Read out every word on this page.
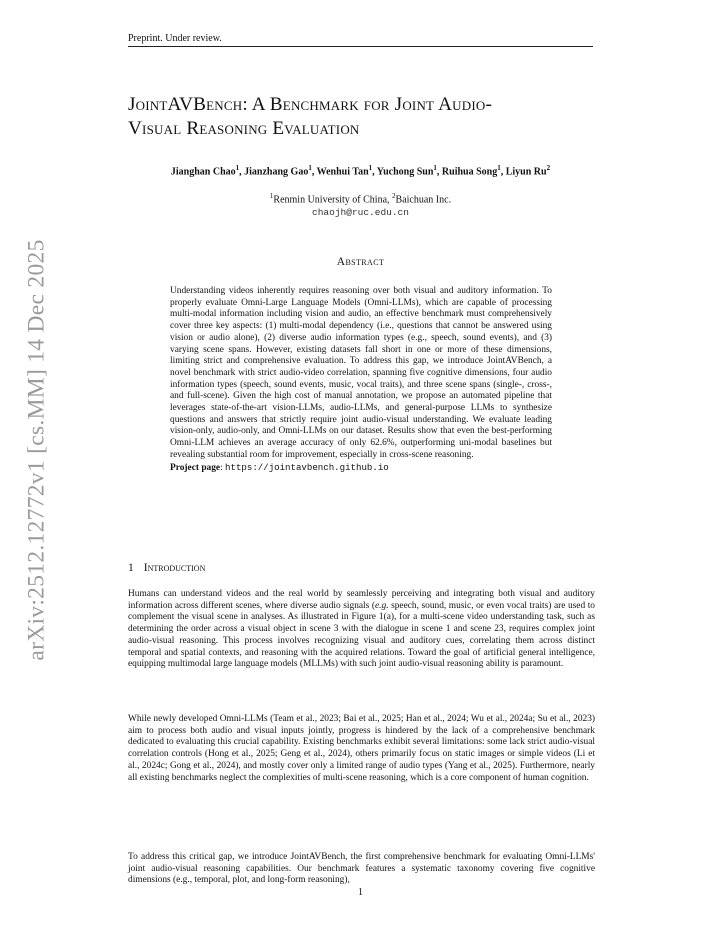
Preprint. Under review.
JointAVBench: A Benchmark for Joint Audio-
Visual Reasoning Evaluation
Jianghan Chao$^1$, Jianzhang Gao$^1$, Wenhui Tan$^1$, Yuchong Sun$^1$, Ruihua Song$^1$, Liyun Ru$^2$
$^1$Renmin University of China, $^2$Baichuan Inc.
chaojh@ruc.edu.cn
Abstract
Understanding videos inherently requires reasoning over both visual and auditory information. To properly evaluate Omni-Large Language Models (Omni-LLMs), which are capable of processing multi-modal information including vision and audio, an effective benchmark must comprehensively cover three key aspects: (1) multi-modal dependency (i.e., questions that cannot be answered using vision or audio alone), (2) diverse audio information types (e.g., speech, sound events), and (3) varying scene spans. However, existing datasets fall short in one or more of these dimensions, limiting strict and comprehensive evaluation. To address this gap, we introduce JointAVBench, a novel benchmark with strict audio-video correlation, spanning five cognitive dimensions, four audio information types (speech, sound events, music, vocal traits), and three scene spans (single-, cross-, and full-scene). Given the high cost of manual annotation, we propose an automated pipeline that leverages state-of-the-art vision-LLMs, audio-LLMs, and general-purpose LLMs to synthesize questions and answers that strictly require joint audio-visual understanding. We evaluate leading vision-only, audio-only, and Omni-LLMs on our dataset. Results show that even the best-performing Omni-LLM achieves an average accuracy of only 62.6%, outperforming uni-modal baselines but revealing substantial room for improvement, especially in cross-scene reasoning.
Project page: https://jointavbench.github.io
1 Introduction
Humans can understand videos and the real world by seamlessly perceiving and integrating both visual and auditory information across different scenes, where diverse audio signals (e.g. speech, sound, music, or even vocal traits) are used to complement the visual scene in analyses. As illustrated in Figure 1(a), for a multi-scene video understanding task, such as determining the order across a visual object in scene 3 with the dialogue in scene 1 and scene 23, requires complex joint audio-visual reasoning. This process involves recognizing visual and auditory cues, correlating them across distinct temporal and spatial contexts, and reasoning with the acquired relations. Toward the goal of artificial general intelligence, equipping multimodal large language models (MLLMs) with such joint audio-visual reasoning ability is paramount.
While newly developed Omni-LLMs (Team et al., 2023; Bai et al., 2025; Han et al., 2024; Wu et al., 2024a; Su et al., 2023) aim to process both audio and visual inputs jointly, progress is hindered by the lack of a comprehensive benchmark dedicated to evaluating this crucial capability. Existing benchmarks exhibit several limitations: some lack strict audio-visual correlation controls (Hong et al., 2025; Geng et al., 2024), others primarily focus on static images or simple videos (Li et al., 2024c; Gong et al., 2024), and mostly cover only a limited range of audio types (Yang et al., 2025). Furthermore, nearly all existing benchmarks neglect the complexities of multi-scene reasoning, which is a core component of human cognition.
To address this critical gap, we introduce JointAVBench, the first comprehensive benchmark for evaluating Omni-LLMs' joint audio-visual reasoning capabilities. Our benchmark features a systematic taxonomy covering five cognitive dimensions (e.g., temporal, plot, and long-form reasoning),
1
arXiv:2512.12772v1 [cs.MM] 14 Dec 2025
